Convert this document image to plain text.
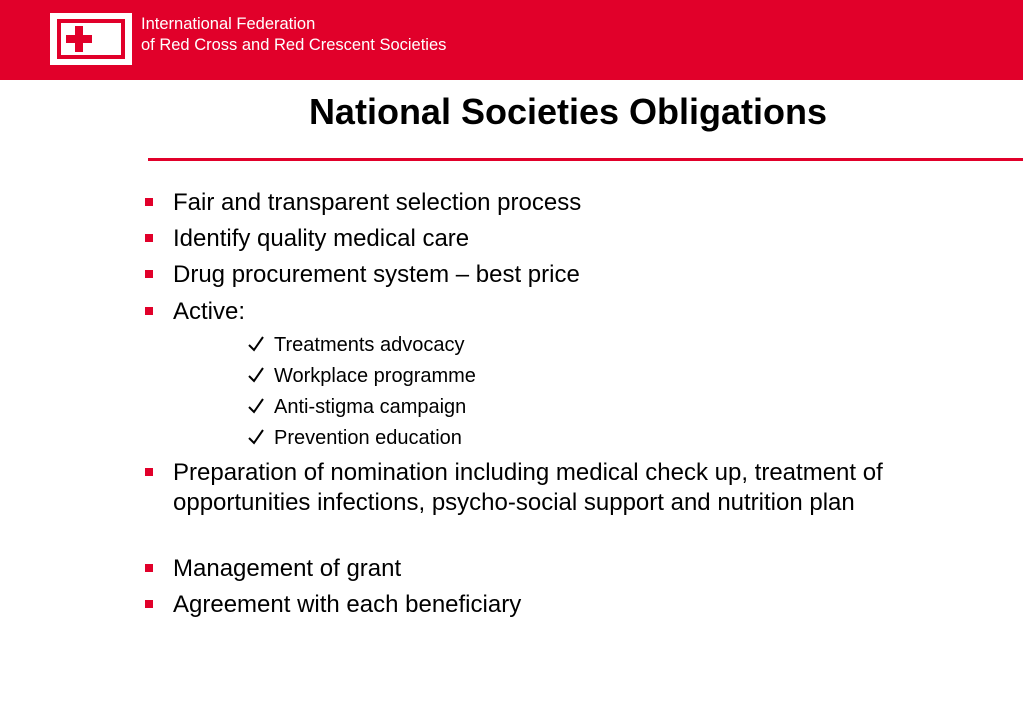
International Federation
of Red Cross and Red Crescent Societies
National Societies Obligations
Fair and transparent selection process
Identify quality medical care
Drug procurement system – best price
Active:
Treatments advocacy
Workplace programme
Anti-stigma campaign
Prevention education
Preparation of nomination including medical check up, treatment of opportunities infections, psycho-social support and nutrition plan
Management of grant
Agreement with each beneficiary
